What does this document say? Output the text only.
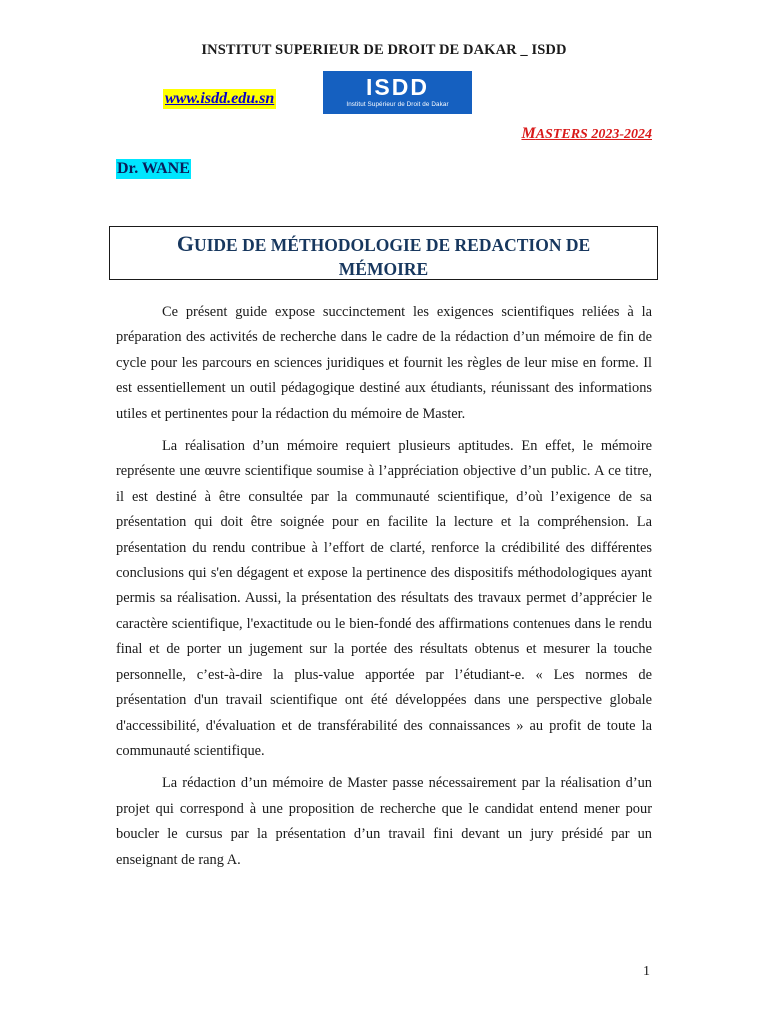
INSTITUT SUPERIEUR DE DROIT DE DAKAR _ ISDD
www.isdd.edu.sn	ISDD
Institut Supérieur de Droit de Dakar
MASTERS 2023-2024
Dr. WANE
GUIDE DE MÉTHODOLOGIE DE REDACTION DE
MÉMOIRE

Ce présent guide expose succinctement les exigences scientifiques reliées à la préparation des activités de recherche dans le cadre de la rédaction d’un mémoire de fin de cycle pour les parcours en sciences juridiques et fournit les règles de leur mise en forme. Il est essentiellement un outil pédagogique destiné aux étudiants, réunissant des informations utiles et pertinentes pour la rédaction du mémoire de Master.

La réalisation d’un mémoire requiert plusieurs aptitudes. En effet, le mémoire représente une œuvre scientifique soumise à l’appréciation objective d’un public. A ce titre, il est destiné à être consultée par la communauté scientifique, d’où l’exigence de sa présentation qui doit être soignée pour en facilite la lecture et la compréhension. La présentation du rendu contribue à l’effort de clarté, renforce la crédibilité des différentes conclusions qui s'en dégagent et expose la pertinence des dispositifs méthodologiques ayant permis sa réalisation. Aussi, la présentation des résultats des travaux permet d’apprécier le caractère scientifique, l'exactitude ou le bien-fondé des affirmations contenues dans le rendu final et de porter un jugement sur la portée des résultats obtenus et mesurer la touche personnelle, c’est-à-dire la plus-value apportée par l’étudiant-e. « Les normes de présentation d'un travail scientifique ont été développées dans une perspective globale d'accessibilité, d'évaluation et de transférabilité des connaissances » au profit de toute la communauté scientifique.

La rédaction d’un mémoire de Master passe nécessairement par la réalisation d’un projet qui correspond à une proposition de recherche que le candidat entend mener pour boucler le cursus par la présentation d’un travail fini devant un jury présidé par un enseignant de rang A.

1
